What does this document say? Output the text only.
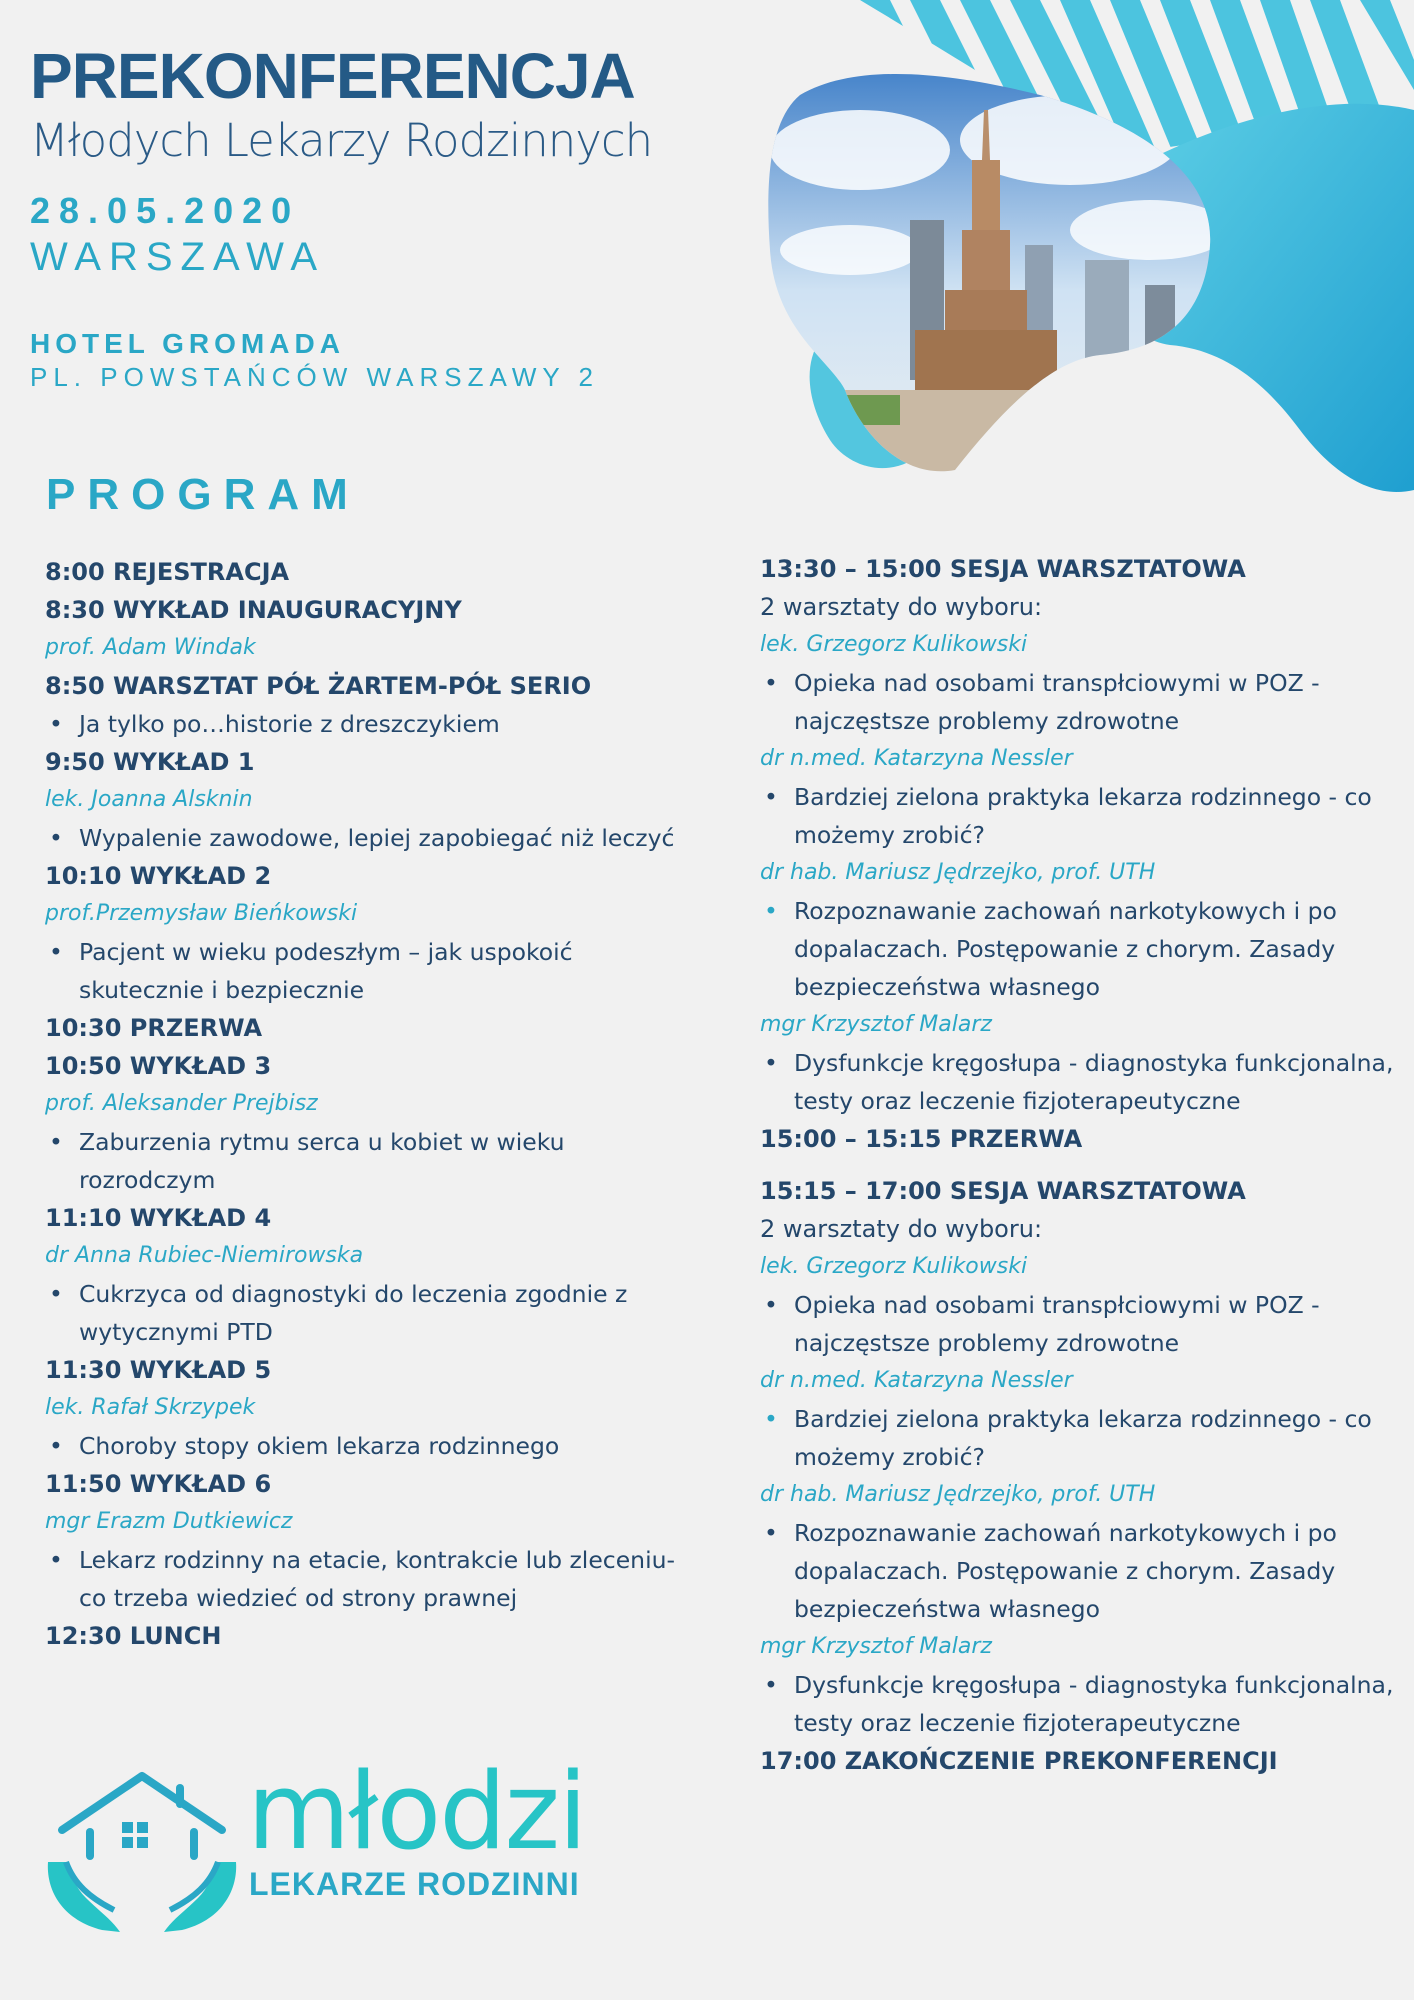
PREKONFERENCJA
Młodych Lekarzy Rodzinnych
28.05.2020
WARSZAWA
HOTEL GROMADA
PL. POWSTAŃCÓW WARSZAWY 2
PROGRAM
8:00 REJESTRACJA
8:30 WYKŁAD INAUGURACYJNY
prof. Adam Windak
8:50 WARSZTAT PÓŁ ŻARTEM-PÓŁ SERIO
• Ja tylko po…historie z dreszczykiem
9:50 WYKŁAD 1
lek. Joanna Alsknin
• Wypalenie zawodowe, lepiej zapobiegać niż leczyć
10:10 WYKŁAD 2
prof.Przemysław Bieńkowski
• Pacjent w wieku podeszłym – jak uspokoić skutecznie i bezpiecznie
10:30 PRZERWA
10:50 WYKŁAD 3
prof. Aleksander Prejbisz
• Zaburzenia rytmu serca u kobiet w wieku rozrodczym
11:10 WYKŁAD 4
dr Anna Rubiec-Niemirowska
• Cukrzyca od diagnostyki do leczenia zgodnie z wytycznymi PTD
11:30 WYKŁAD 5
lek. Rafał Skrzypek
• Choroby stopy okiem lekarza rodzinnego
11:50 WYKŁAD 6
mgr Erazm Dutkiewicz
• Lekarz rodzinny na etacie, kontrakcie lub zleceniu- co trzeba wiedzieć od strony prawnej
12:30 LUNCH
13:30 – 15:00 SESJA WARSZTATOWA
2 warsztaty do wyboru:
lek. Grzegorz Kulikowski
• Opieka nad osobami transpłciowymi w POZ - najczęstsze problemy zdrowotne
dr n.med. Katarzyna Nessler
• Bardziej zielona praktyka lekarza rodzinnego - co możemy zrobić?
dr hab. Mariusz Jędrzejko, prof. UTH
• Rozpoznawanie zachowań narkotykowych i po dopalaczach. Postępowanie z chorym. Zasady bezpieczeństwa własnego
mgr Krzysztof Malarz
• Dysfunkcje kręgosłupa - diagnostyka funkcjonalna, testy oraz leczenie fizjoterapeutyczne
15:00 – 15:15 PRZERWA
15:15 – 17:00 SESJA WARSZTATOWA
2 warsztaty do wyboru:
lek. Grzegorz Kulikowski
• Opieka nad osobami transpłciowymi w POZ - najczęstsze problemy zdrowotne
dr n.med. Katarzyna Nessler
• Bardziej zielona praktyka lekarza rodzinnego - co możemy zrobić?
dr hab. Mariusz Jędrzejko, prof. UTH
• Rozpoznawanie zachowań narkotykowych i po dopalaczach. Postępowanie z chorym. Zasady bezpieczeństwa własnego
mgr Krzysztof Malarz
• Dysfunkcje kręgosłupa - diagnostyka funkcjonalna, testy oraz leczenie fizjoterapeutyczne
17:00 ZAKOŃCZENIE PREKONFERENCJI
młodzi
LEKARZE RODZINNI
